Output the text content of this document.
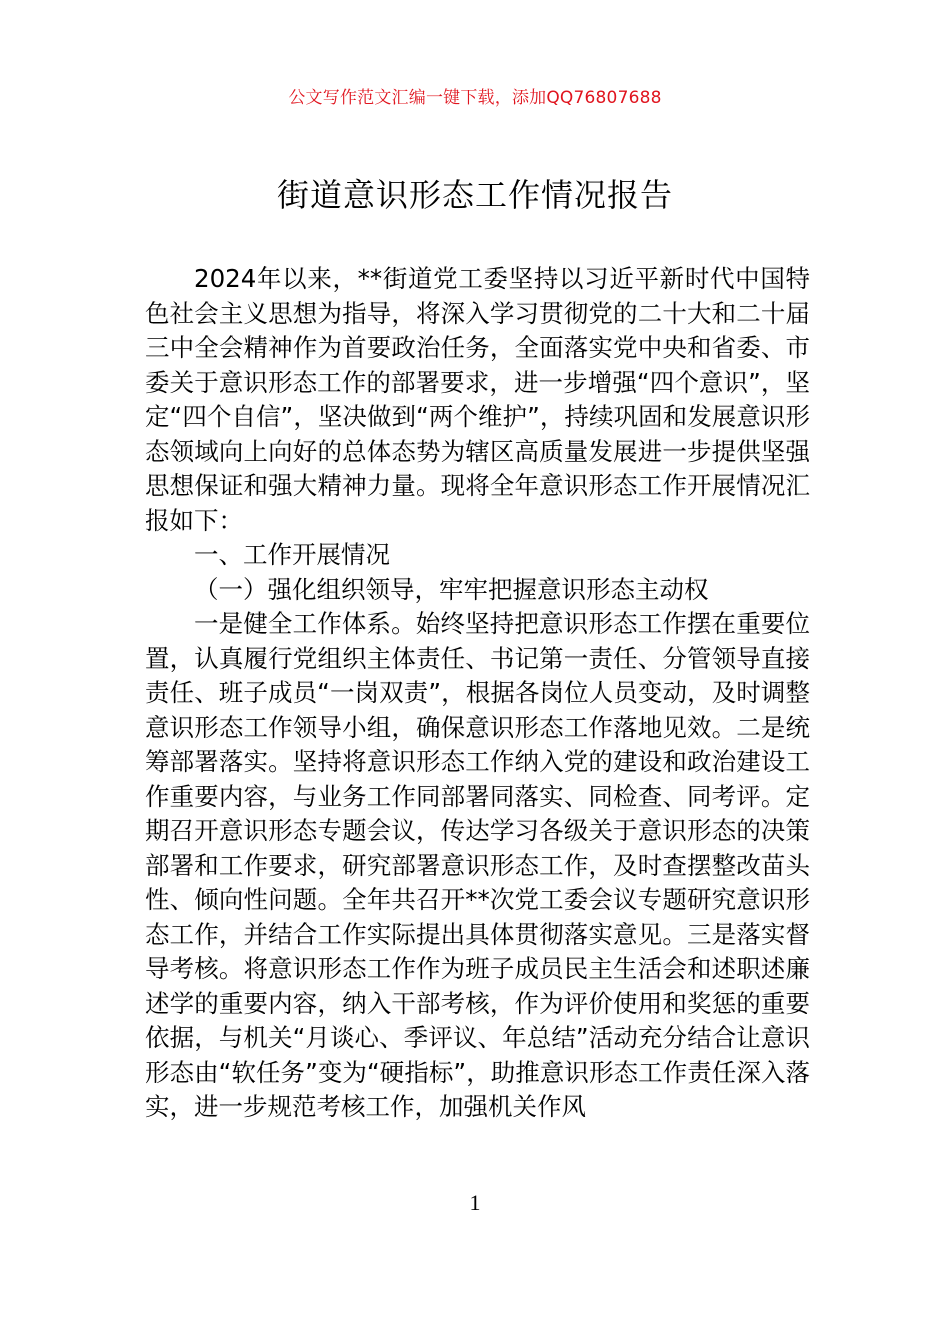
公文写作范文汇编一键下载，添加QQ76807688
街道意识形态工作情况报告

2024年以来，**街道党工委坚持以习近平新时代中国特色社会主义思想为指导，将深入学习贯彻党的二十大和二十届三中全会精神作为首要政治任务，全面落实党中央和省委、市委关于意识形态工作的部署要求，进一步增强“四个意识”，坚定“四个自信”，坚决做到“两个维护”，持续巩固和发展意识形态领域向上向好的总体态势为辖区高质量发展进一步提供坚强思想保证和强大精神力量。现将全年意识形态工作开展情况汇报如下：

一、工作开展情况

（一）强化组织领导，牢牢把握意识形态主动权

一是健全工作体系。始终坚持把意识形态工作摆在重要位置，认真履行党组织主体责任、书记第一责任、分管领导直接责任、班子成员“一岗双责”，根据各岗位人员变动，及时调整意识形态工作领导小组，确保意识形态工作落地见效。二是统筹部署落实。坚持将意识形态工作纳入党的建设和政治建设工作重要内容，与业务工作同部署同落实、同检查、同考评。定期召开意识形态专题会议，传达学习各级关于意识形态的决策部署和工作要求，研究部署意识形态工作，及时查摆整改苗头性、倾向性问题。全年共召开**次党工委会议专题研究意识形态工作，并结合工作实际提出具体贯彻落实意见。三是落实督导考核。将意识形态工作作为班子成员民主生活会和述职述廉述学的重要内容，纳入干部考核，作为评价使用和奖惩的重要依据，与机关“月谈心、季评议、年总结”活动充分结合让意识形态由“软任务”变为“硬指标”，助推意识形态工作责任深入落实，进一步规范考核工作，加强机关作风

1
